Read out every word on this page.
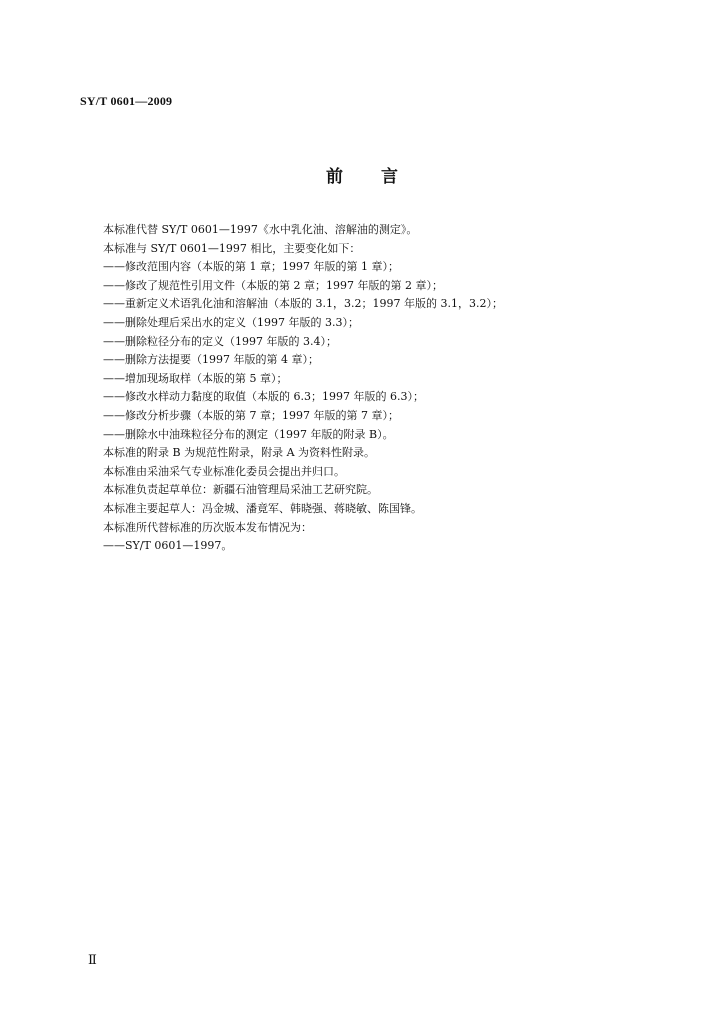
SY/T 0601—2009
前 言
本标准代替 SY/T 0601—1997《水中乳化油、溶解油的测定》。
本标准与 SY/T 0601—1997 相比，主要变化如下：
——修改范围内容（本版的第 1 章；1997 年版的第 1 章）；
——修改了规范性引用文件（本版的第 2 章；1997 年版的第 2 章）；
——重新定义术语乳化油和溶解油（本版的 3.1，3.2；1997 年版的 3.1，3.2）；
——删除处理后采出水的定义（1997 年版的 3.3）；
——删除粒径分布的定义（1997 年版的 3.4）；
——删除方法提要（1997 年版的第 4 章）；
——增加现场取样（本版的第 5 章）；
——修改水样动力黏度的取值（本版的 6.3；1997 年版的 6.3）；
——修改分析步骤（本版的第 7 章；1997 年版的第 7 章）；
——删除水中油珠粒径分布的测定（1997 年版的附录 B）。
本标准的附录 B 为规范性附录，附录 A 为资料性附录。
本标准由采油采气专业标准化委员会提出并归口。
本标准负责起草单位：新疆石油管理局采油工艺研究院。
本标准主要起草人：冯金城、潘竟军、韩晓强、蒋晓敏、陈国锋。
本标准所代替标准的历次版本发布情况为：
——SY/T 0601—1997。
Ⅱ
